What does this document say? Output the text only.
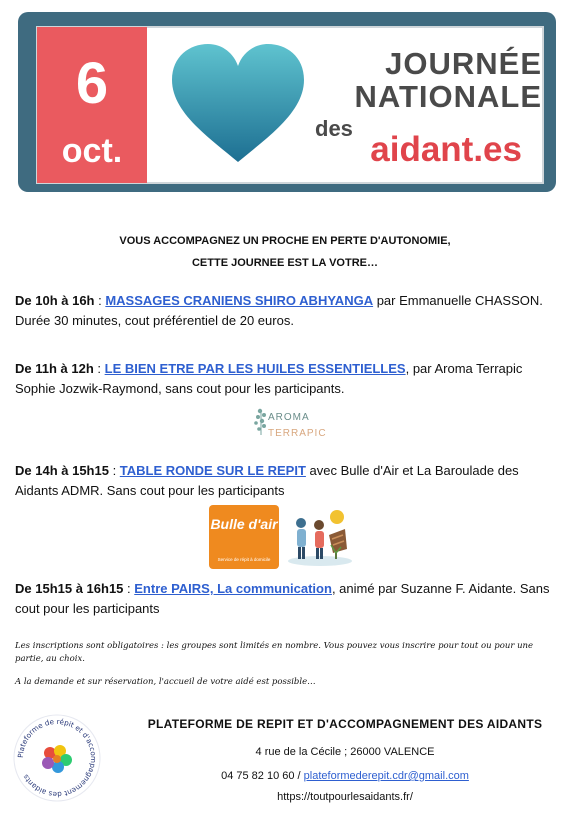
6
oct.
JOURNÉE
NATIONALE
des
aidant.es
VOUS ACCOMPAGNEZ UN PROCHE EN PERTE D'AUTONOMIE,
CETTE JOURNEE EST LA VOTRE…
De 10h à 16h : MASSAGES CRANIENS SHIRO ABHYANGA par Emmanuelle CHASSON. Durée 30 minutes, cout préférentiel de 20 euros.
De 11h à 12h : LE BIEN ETRE PAR LES HUILES ESSENTIELLES, par Aroma Terrapic Sophie Jozwik-Raymond, sans cout pour les participants.
AROMA
TERRAPIC
De 14h à 15h15 : TABLE RONDE SUR LE REPIT avec Bulle d'Air et La Baroulade des Aidants ADMR. Sans cout pour les participants
Bulle d'air
Service de répit à domicile
De 15h15 à 16h15 : Entre PAIRS, La communication, animé par Suzanne F. Aidante. Sans cout pour les participants
Les inscriptions sont obligatoires : les groupes sont limités en nombre. Vous pouvez vous inscrire pour tout ou pour une partie, au choix.
A la demande et sur réservation, l'accueil de votre aidé est possible…
Plateforme de répit et d'accompagnement des aidants
PLATEFORME DE REPIT ET D'ACCOMPAGNEMENT DES AIDANTS
4 rue de la Cécile ; 26000 VALENCE
04 75 82 10 60 / plateformederepit.cdr@gmail.com
https://toutpourlesaidants.fr/
